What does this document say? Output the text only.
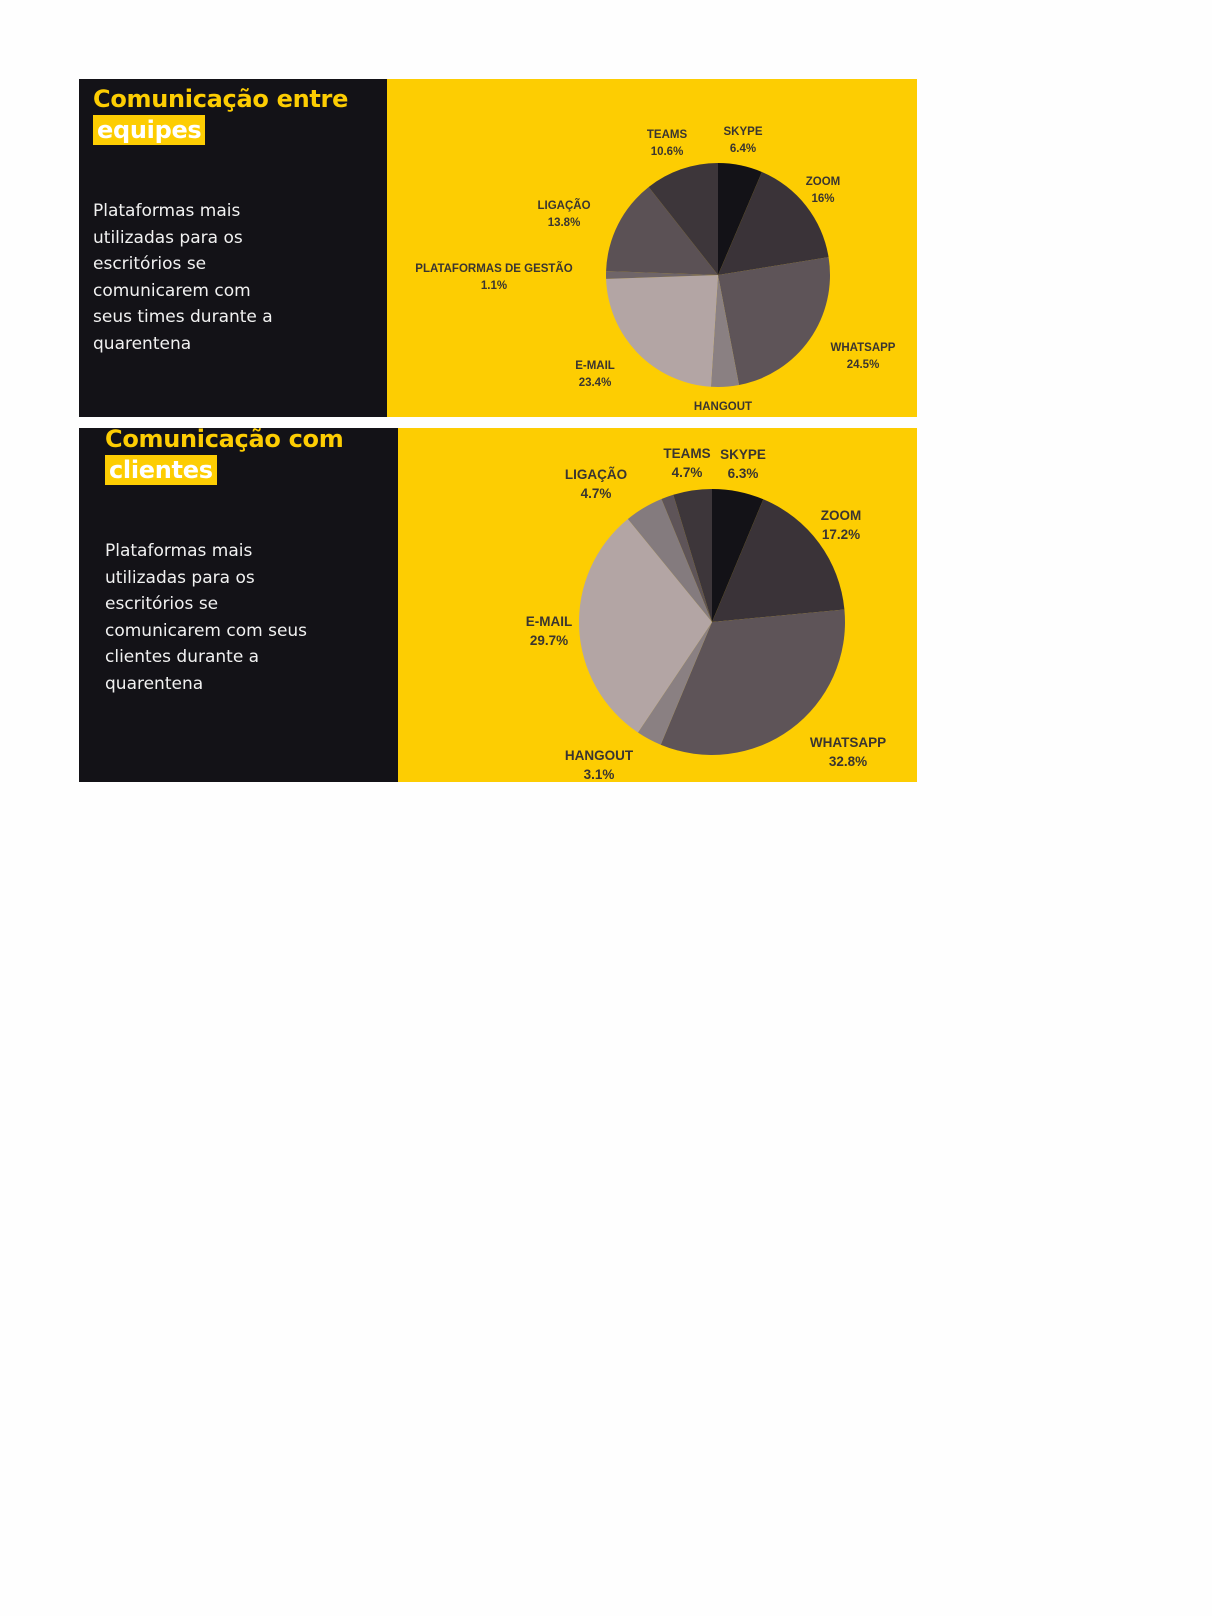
Comunicação entre
equipes
Plataformas mais
utilizadas para os
escritórios se
comunicarem com
seus times durante a
quarentena
TEAMS
10.6%
SKYPE
6.4%
ZOOM
16%
LIGAÇÃO
13.8%
PLATAFORMAS DE GESTÃO
1.1%
WHATSAPP
24.5%
E-MAIL
23.4%
HANGOUT
Comunicação com
clientes
Plataformas mais
utilizadas para os
escritórios se
comunicarem com seus
clientes durante a
quarentena
TEAMS
4.7%
SKYPE
6.3%
LIGAÇÃO
4.7%
ZOOM
17.2%
E-MAIL
29.7%
WHATSAPP
32.8%
HANGOUT
3.1%
